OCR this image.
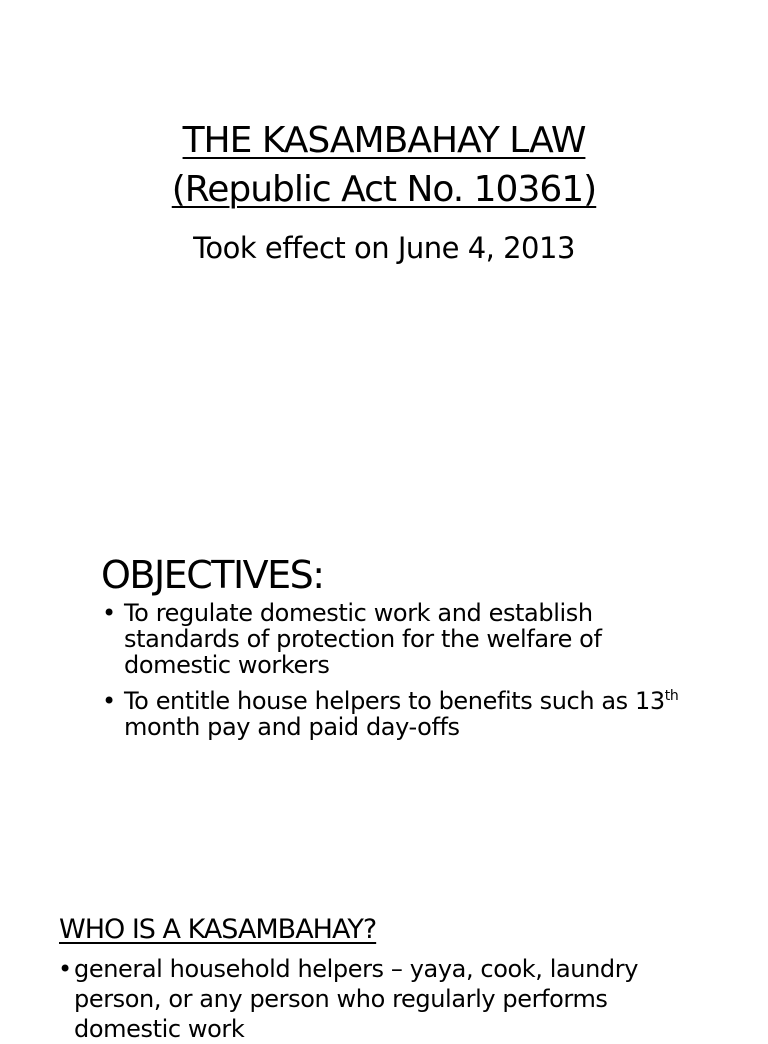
THE KASAMBAHAY LAW
(Republic Act No. 10361)
Took effect on June 4, 2013
OBJECTIVES:
• To regulate domestic work and establish standards of protection for the welfare of domestic workers
• To entitle house helpers to benefits such as 13th month pay and paid day-offs
WHO IS A KASAMBAHAY?
• general household helpers – yaya, cook, laundry person, or any person who regularly performs domestic work
